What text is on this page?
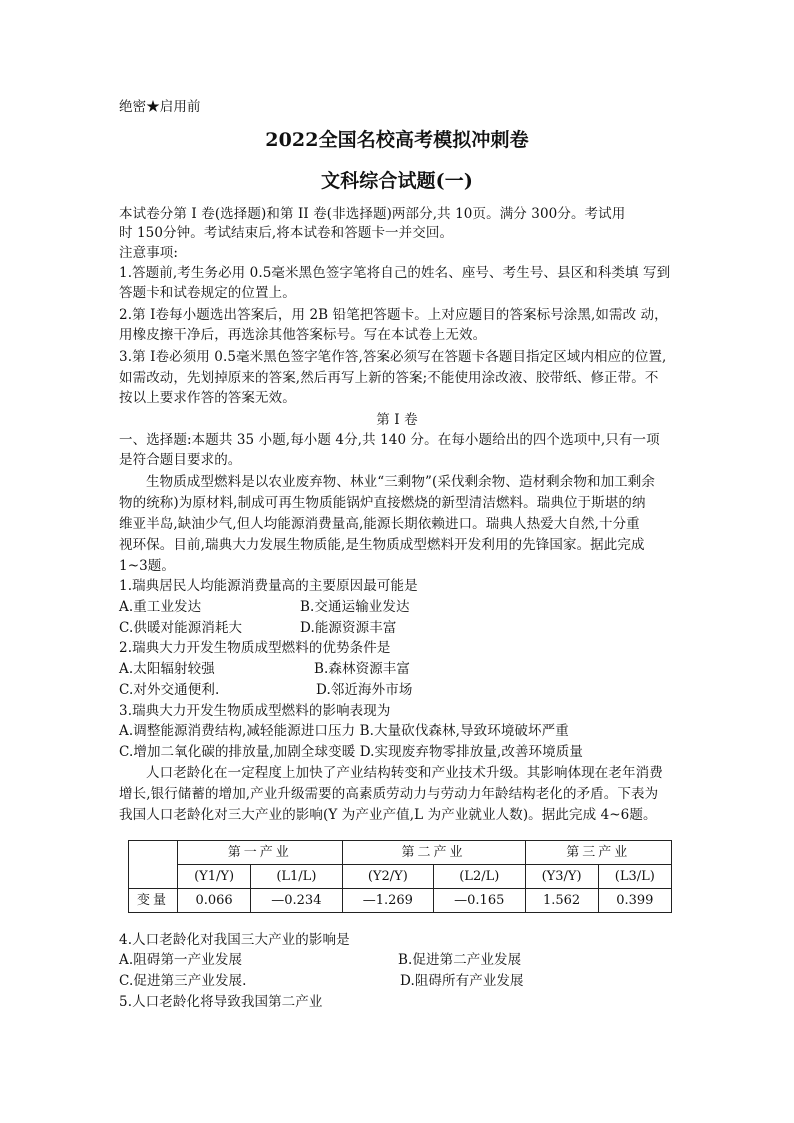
绝密★启用前
2022全国名校高考模拟冲刺卷
文科综合试题(一)
本试卷分第 I 卷(选择题)和第 II 卷(非选择题)两部分,共 10页。满分 300分。考试用
时 150分钟。考试结束后,将本试卷和答题卡一并交回。
注意事项:
1.答题前,考生务必用 0.5毫米黑色签字笔将自己的姓名、座号、考生号、县区和科类填 写到
答题卡和试卷规定的位置上。
2.第 I卷每小题选出答案后，用 2B 铅笔把答题卡。上对应题目的答案标号涂黑,如需改 动，
用橡皮擦干净后，再选涂其他答案标号。写在本试卷上无效。
3.第 I卷必须用 0.5毫米黑色签字笔作答,答案必须写在答题卡各题目指定区域内相应的位置,
如需改动，先划掉原来的答案,然后再写上新的答案;不能使用涂改液、胶带纸、修正带。不
按以上要求作答的答案无效。
第 I 卷
一、选择题:本题共 35 小题,每小题 4分,共 140 分。在每小题给出的四个选项中,只有一项
是符合题目要求的。
生物质成型燃料是以农业废弃物、林业“三剩物”(采伐剩余物、造材剩余物和加工剩余
物的统称)为原材料,制成可再生物质能锅炉直接燃烧的新型清洁燃料。瑞典位于斯堪的纳
维亚半岛,缺油少气,但人均能源消费量高,能源长期依赖进口。瑞典人热爱大自然,十分重
视环保。目前,瑞典大力发展生物质能,是生物质成型燃料开发利用的先锋国家。据此完成
1~3题。
1.瑞典居民人均能源消费量高的主要原因最可能是
A.重工业发达	B.交通运输业发达
C.供暖对能源消耗大	D.能源资源丰富
2.瑞典大力开发生物质成型燃料的优势条件是
A.太阳辐射较强	B.森林资源丰富
C.对外交通便利.	D.邻近海外市场
3.瑞典大力开发生物质成型燃料的影响表现为
A.调整能源消费结构,减轻能源进口压力 B.大量砍伐森林,导致环境破坏严重
C.增加二氧化碳的排放量,加剧全球变暖 D.实现废弃物零排放量,改善环境质量
人口老龄化在一定程度上加快了产业结构转变和产业技术升级。其影响体现在老年消费
增长,银行储蓄的增加,产业升级需要的高素质劳动力与劳动力年龄结构老化的矛盾。下表为
我国人口老龄化对三大产业的影响(Y 为产业产值,L 为产业就业人数)。据此完成 4~6题。
	第一产业		第二产业		第三产业	
	(Y1/Y)	(L1/L)	(Y2/Y)	(L2/L)	(Y3/Y)	(L3/L)
变量	0.066	—0.234	—1.269	—0.165	1.562	0.399
4.人口老龄化对我国三大产业的影响是
A.阻碍第一产业发展	B.促进第二产业发展
C.促进第三产业发展.	D.阻碍所有产业发展
5.人口老龄化将导致我国第二产业
